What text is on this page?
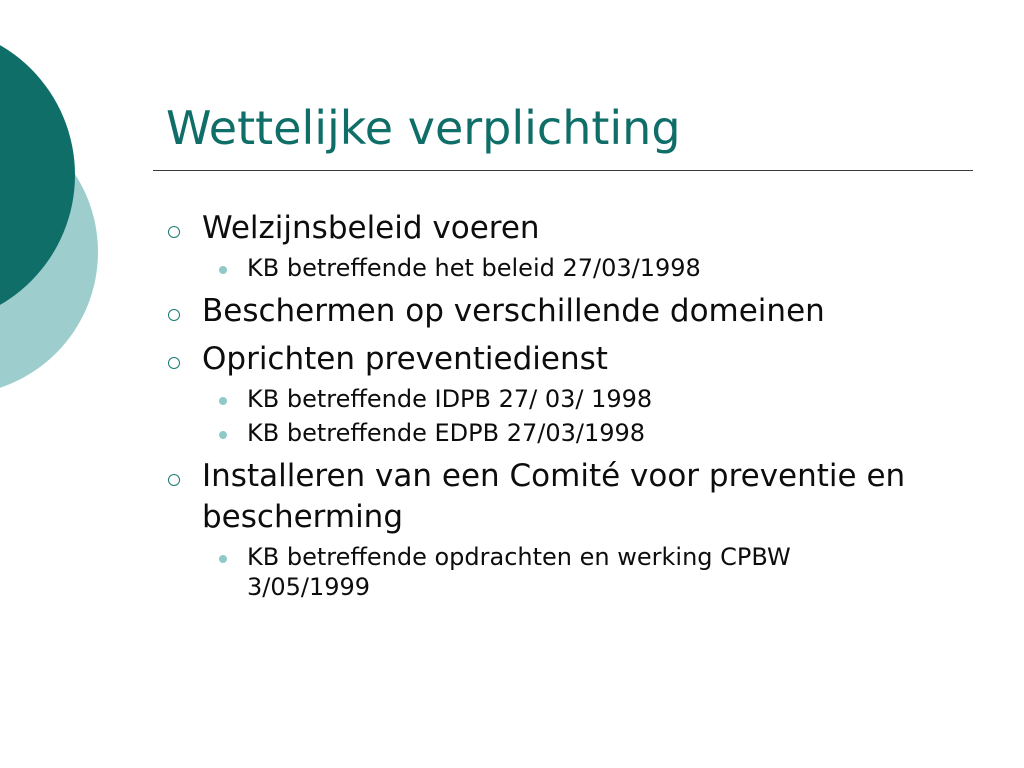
Wettelijke verplichting
Welzijnsbeleid voeren
KB betreffende het beleid 27/03/1998
Beschermen op verschillende domeinen
Oprichten preventiedienst
KB betreffende IDPB 27/ 03/ 1998
KB betreffende EDPB 27/03/1998
Installeren van een Comité voor preventie en bescherming
KB betreffende opdrachten en werking CPBW 3/05/1999
